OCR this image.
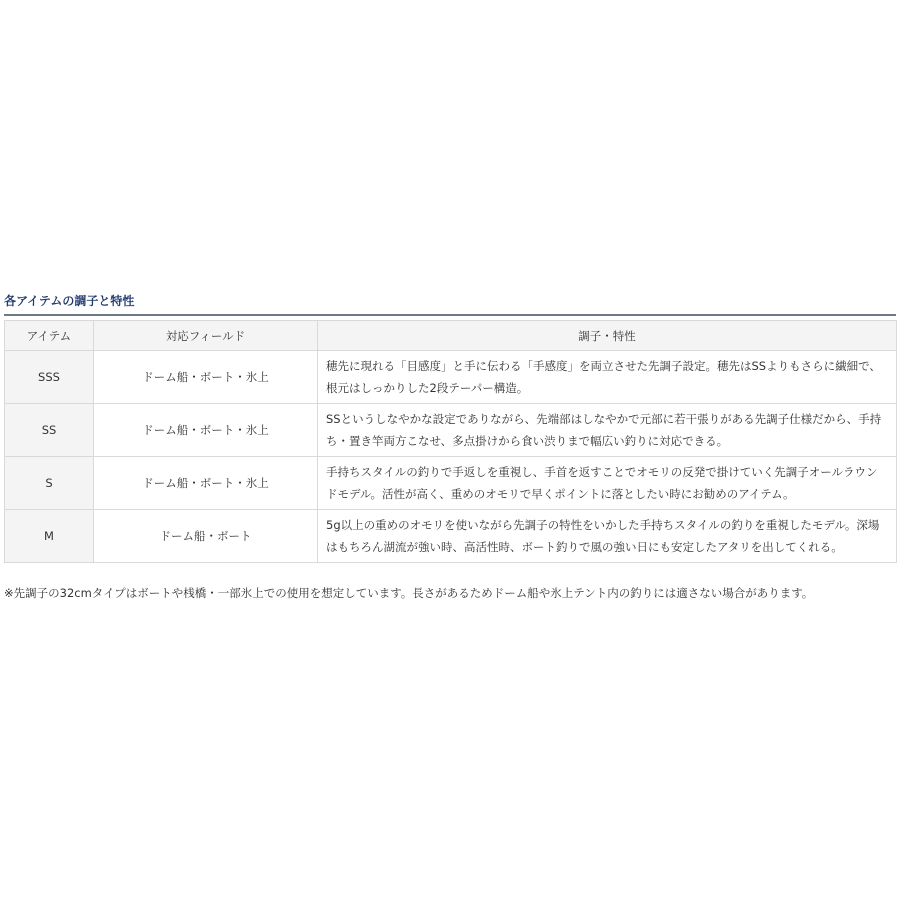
各アイテムの調子と特性
アイテム	対応フィールド	調子・特性
SSS	ドーム船・ボート・氷上	穂先に現れる「目感度」と手に伝わる「手感度」を両立させた先調子設定。穂先はSSよりもさらに繊細で、根元はしっかりした2段テーパー構造。
SS	ドーム船・ボート・氷上	SSというしなやかな設定でありながら、先端部はしなやかで元部に若干張りがある先調子仕様だから、手持ち・置き竿両方こなせ、多点掛けから食い渋りまで幅広い釣りに対応できる。
S	ドーム船・ボート・氷上	手持ちスタイルの釣りで手返しを重視し、手首を返すことでオモリの反発で掛けていく先調子オールラウンドモデル。活性が高く、重めのオモリで早くポイントに落としたい時にお勧めのアイテム。
M	ドーム船・ボート	5g以上の重めのオモリを使いながら先調子の特性をいかした手持ちスタイルの釣りを重視したモデル。深場はもちろん湖流が強い時、高活性時、ボート釣りで風の強い日にも安定したアタリを出してくれる。

※先調子の32cmタイプはボートや桟橋・一部氷上での使用を想定しています。長さがあるためドーム船や氷上テント内の釣りには適さない場合があります。
